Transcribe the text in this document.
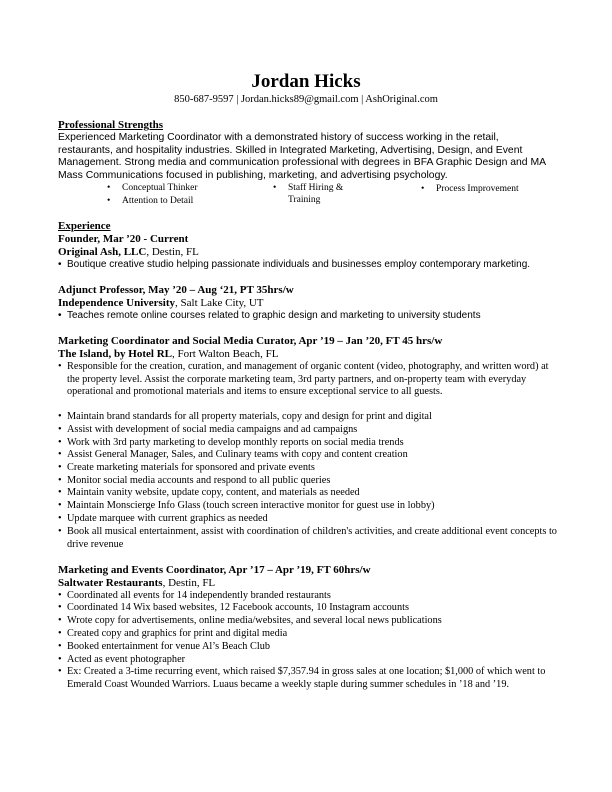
Jordan Hicks
850-687-9597 | Jordan.hicks89@gmail.com | AshOriginal.com
Professional Strengths
Experienced Marketing Coordinator with a demonstrated history of success working in the retail, restaurants, and hospitality industries. Skilled in Integrated Marketing, Advertising, Design, and Event Management. Strong media and communication professional with degrees in BFA Graphic Design and MA Mass Communications focused in publishing, marketing, and advertising psychology.
• Conceptual Thinker
• Attention to Detail
• Staff Hiring & Training
• Process Improvement
Experience
Founder, Mar ’20 - Current
Original Ash, LLC, Destin, FL
• Boutique creative studio helping passionate individuals and businesses employ contemporary marketing.
Adjunct Professor, May ’20 – Aug ‘21, PT 35hrs/w
Independence University, Salt Lake City, UT
• Teaches remote online courses related to graphic design and marketing to university students
Marketing Coordinator and Social Media Curator, Apr ’19 – Jan ’20, FT 45 hrs/w
The Island, by Hotel RL, Fort Walton Beach, FL
• Responsible for the creation, curation, and management of organic content (video, photography, and written word) at the property level. Assist the corporate marketing team, 3rd party partners, and on-property team with everyday operational and promotional materials and items to ensure exceptional service to all guests.
• Maintain brand standards for all property materials, copy and design for print and digital
• Assist with development of social media campaigns and ad campaigns
• Work with 3rd party marketing to develop monthly reports on social media trends
• Assist General Manager, Sales, and Culinary teams with copy and content creation
• Create marketing materials for sponsored and private events
• Monitor social media accounts and respond to all public queries
• Maintain vanity website, update copy, content, and materials as needed
• Maintain Monscierge Info Glass (touch screen interactive monitor for guest use in lobby)
• Update marquee with current graphics as needed
• Book all musical entertainment, assist with coordination of children's activities, and create additional event concepts to drive revenue
Marketing and Events Coordinator, Apr ’17 – Apr ’19, FT 60hrs/w
Saltwater Restaurants, Destin, FL
• Coordinated all events for 14 independently branded restaurants
• Coordinated 14 Wix based websites, 12 Facebook accounts, 10 Instagram accounts
• Wrote copy for advertisements, online media/websites, and several local news publications
• Created copy and graphics for print and digital media
• Booked entertainment for venue Al’s Beach Club
• Acted as event photographer
• Ex: Created a 3-time recurring event, which raised $7,357.94 in gross sales at one location; $1,000 of which went to Emerald Coast Wounded Warriors. Luaus became a weekly staple during summer schedules in ’18 and ’19.
